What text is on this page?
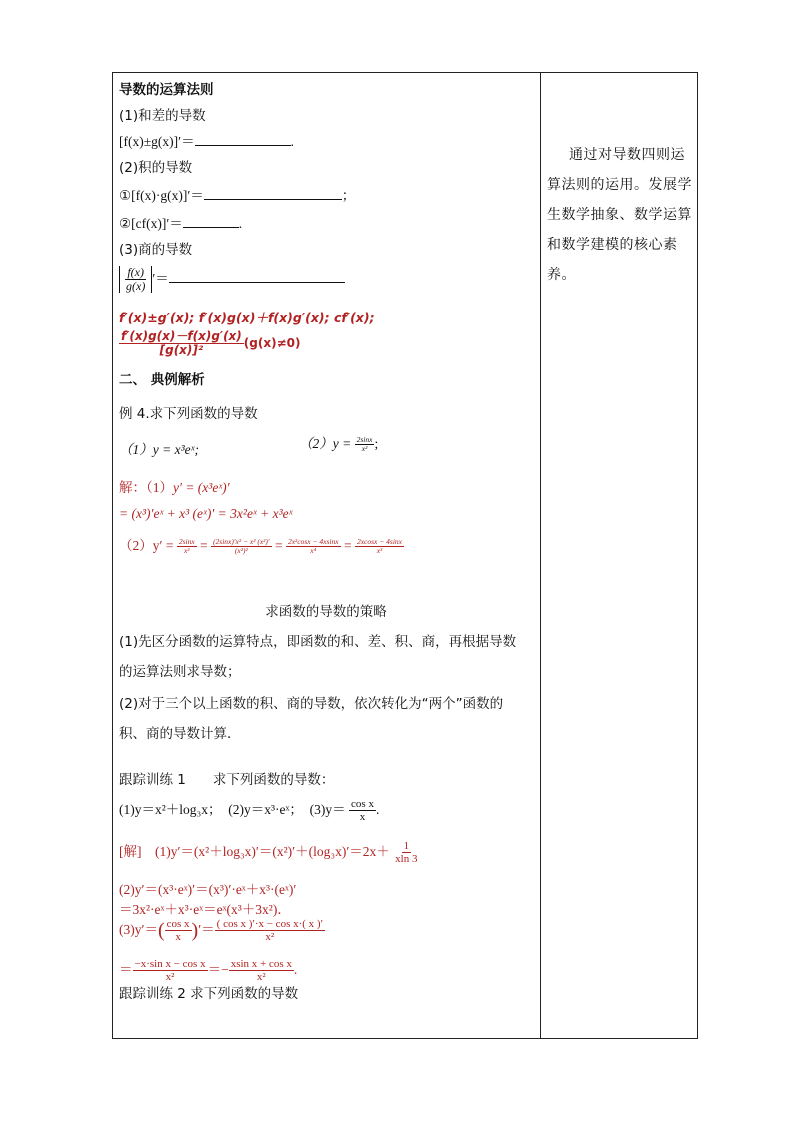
导数的运算法则
(1)和差的导数
[f(x)±g(x)]′＝	.
(2)积的导数
①[f(x)·g(x)]′＝	；
②[cf(x)]′＝	.
(3)商的导数
$\frac{f(x)}{g(x)}$ ′＝
f′(x)±g′(x); f′(x)g(x)＋f(x)g′(x); cf′(x);
$\frac{f'(x)g(x)-f(x)g'(x)}{\text{[g(x)]²}} (g(x)\ne 0)$
二、 典例解析
例 4.求下列函数的导数
（1）y = x³eˣ;	$(2)y = \frac{2\sin x}{\text{x²}}$ ;
解：（1）y′ = (x³eˣ)′
= (x³)′eˣ + x³ (eˣ)′ = 3x²eˣ + x³eˣ
$(2)y' = \frac{2\sin x}{\text{x²}} = \frac{\text{(2sinx)′x² − x² (x²)′}}{\text{(x²)²}} = \frac{\text{2x²cosx − 4xsinx}}{\text{x⁴}} = \frac{2xcosx - 4\sin x}{\text{x³}}$
求函数的导数的策略
(1)先区分函数的运算特点，即函数的和、差、积、商，再根据导数
的运算法则求导数；
(2)对于三个以上函数的积、商的导数，依次转化为“两个”函数的
积、商的导数计算．
跟踪训练 1　　求下列函数的导数：
(1)y＝x²＋log₃x；　(2)y＝x³·eˣ；　$(3)y= \frac{\text{cos x}}{x}$ .
[解]　$(1)y'=(x^2+\log_3x)'=(x^2)'+(\log_3x)'=2x+ \frac{1}{xln 3}$
(2)y′＝(x³·eˣ)′＝(x³)′·eˣ＋x³·(eˣ)′
＝3x²·eˣ＋x³·eˣ＝eˣ(x³＋3x²)．
$(3)y'=( \frac{\text{cos x}}{x}$ )′＝ $\frac{\text{( cos x )′·x − cos x·( x )′}}{\text{x²}}$
＝ $\frac{\text{−x·sin x − cos x}}{\text{x²}} =- \frac{\text{xsin x + cos x}}{\text{x²}}$ .
跟踪训练 2 求下列函数的导数

通过对导数四则运算法则的运用。发展学生数学抽象、数学运算和数学建模的核心素养。
